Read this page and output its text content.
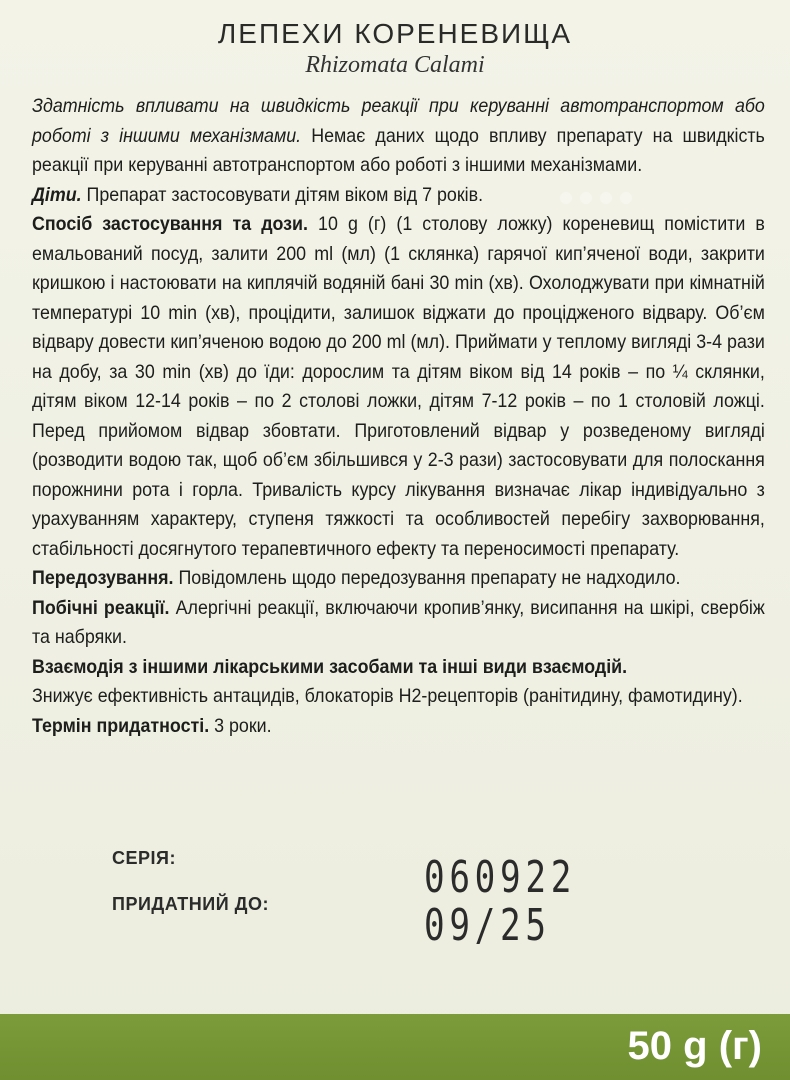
ЛЕПЕХИ КОРЕНЕВИЩА
Rhizomata Calami

Здатність впливати на швидкість реакції при керуванні автотранспортом або роботі з іншими механізмами. Немає даних щодо впливу препарату на швидкість реакції при керуванні автотранспортом або роботі з іншими механізмами.

Діти. Препарат застосовувати дітям віком від 7 років.

Спосіб застосування та дози. 10 g (г) (1 столову ложку) кореневищ помістити в емальований посуд, залити 200 ml (мл) (1 склянка) гарячої кип’яченої води, закрити кришкою і настоювати на киплячій водяній бані 30 min (хв). Охолоджувати при кімнатній температурі 10 min (хв), процідити, залишок віджати до процідженого відвару. Об’єм відвару довести кип’яченою водою до 200 ml (мл). Приймати у теплому вигляді 3-4 рази на добу, за 30 min (хв) до їди: дорослим та дітям віком від 14 років – по ¼ склянки, дітям віком 12-14 років – по 2 столові ложки, дітям 7-12 років – по 1 столовій ложці. Перед прийомом відвар збовтати. Приготовлений відвар у розведеному вигляді (розводити водою так, щоб об’єм збільшився у 2-3 рази) застосовувати для полоскання порожнини рота і горла. Тривалість курсу лікування визначає лікар індивідуально з урахуванням характеру, ступеня тяжкості та особливостей перебігу захворювання, стабільності досягнутого терапевтичного ефекту та переносимості препарату.

Передозування. Повідомлень щодо передозування препарату не надходило.

Побічні реакції. Алергічні реакції, включаючи кропив’янку, висипання на шкірі, свербіж та набряки.

Взаємодія з іншими лікарськими засобами та інші види взаємодій.

Знижує ефективність антацидів, блокаторів Н2-рецепторів (ранітидину, фамотидину).

Термін придатності. 3 роки.

СЕРІЯ:
ПРИДАТНИЙ ДО:
060922
09/25
50 g (г)
